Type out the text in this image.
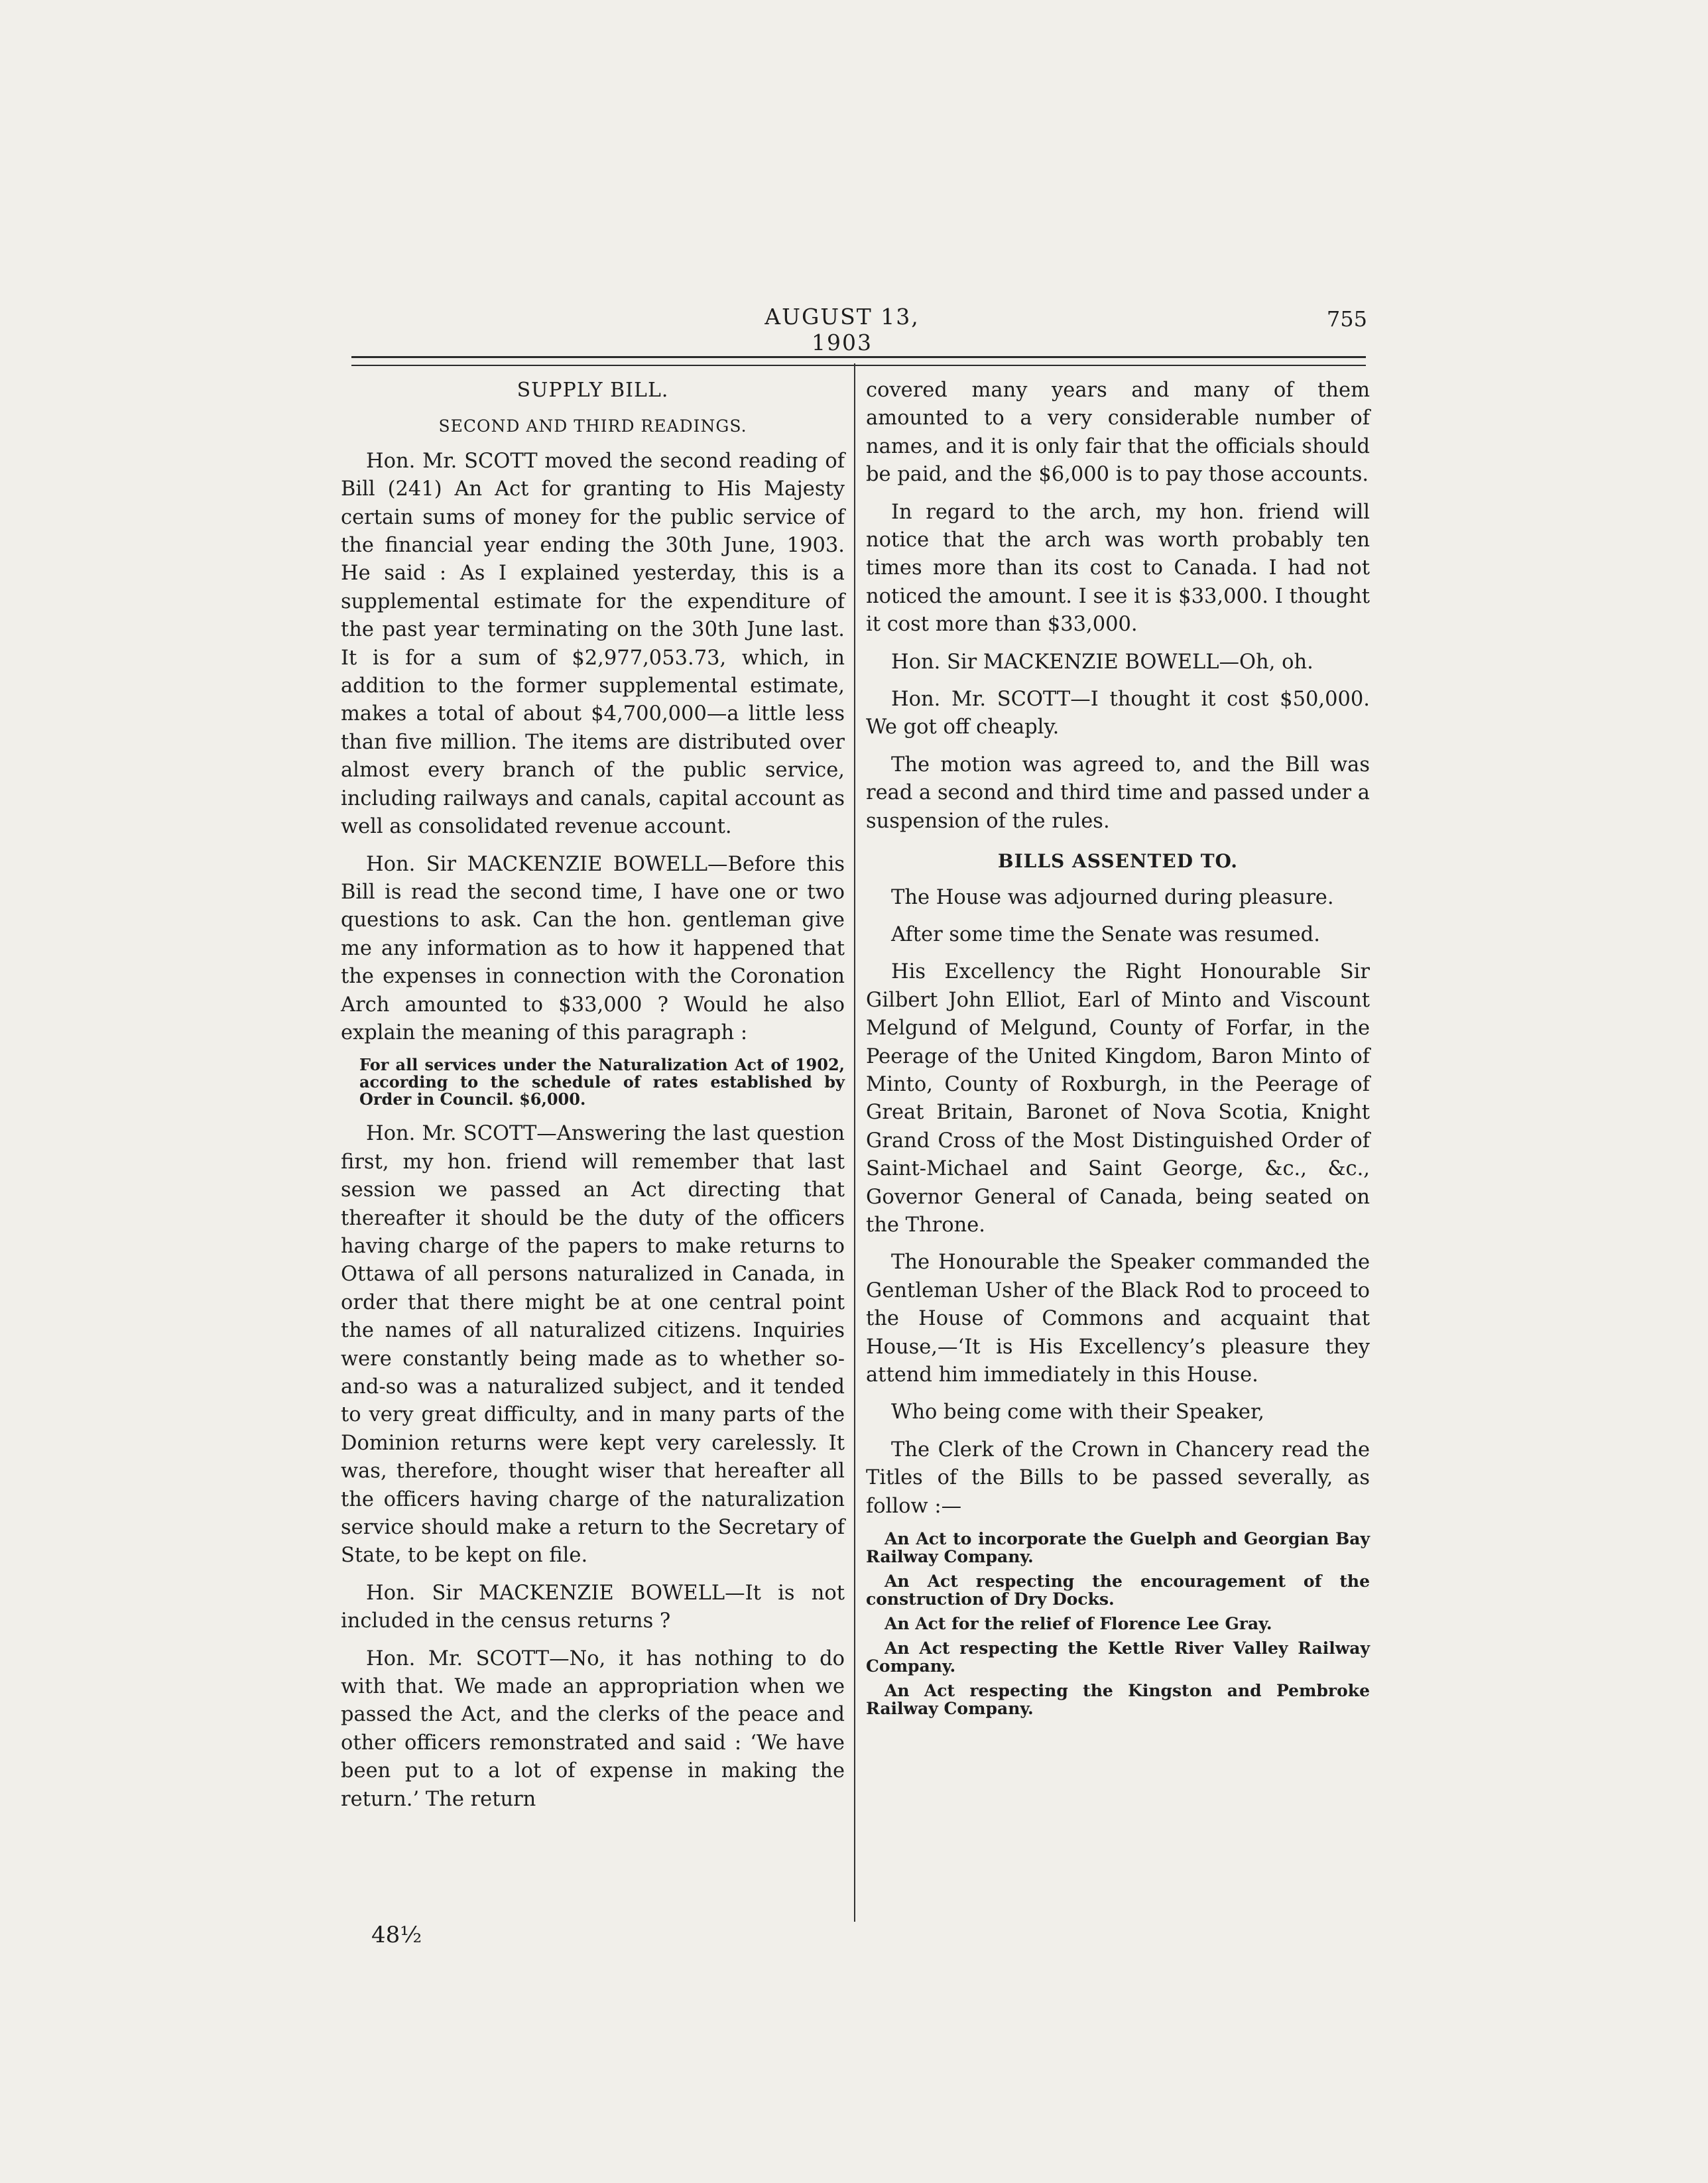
AUGUST 13, 1903
755
SUPPLY BILL.
SECOND AND THIRD READINGS.

Hon. Mr. SCOTT moved the second reading of Bill (241) An Act for granting to His Majesty certain sums of money for the public service of the financial year ending the 30th June, 1903. He said : As I explained yesterday, this is a supplemental estimate for the expenditure of the past year terminating on the 30th June last. It is for a sum of $2,977,053.73, which, in addition to the former supplemental estimate, makes a total of about $4,700,000—a little less than five million. The items are distributed over almost every branch of the public service, including railways and canals, capital account as well as consolidated revenue account.

Hon. Sir MACKENZIE BOWELL—Before this Bill is read the second time, I have one or two questions to ask. Can the hon. gentleman give me any information as to how it happened that the expenses in connection with the Coronation Arch amounted to $33,000 ? Would he also explain the meaning of this paragraph :

For all services under the Naturalization Act of 1902, according to the schedule of rates established by Order in Council. $6,000.

Hon. Mr. SCOTT—Answering the last question first, my hon. friend will remember that last session we passed an Act directing that thereafter it should be the duty of the officers having charge of the papers to make returns to Ottawa of all persons naturalized in Canada, in order that there might be at one central point the names of all naturalized citizens. Inquiries were constantly being made as to whether so-and-so was a naturalized subject, and it tended to very great difficulty, and in many parts of the Dominion returns were kept very carelessly. It was, therefore, thought wiser that hereafter all the officers having charge of the naturalization service should make a return to the Secretary of State, to be kept on file.

Hon. Sir MACKENZIE BOWELL—It is not included in the census returns ?

Hon. Mr. SCOTT—No, it has nothing to do with that. We made an appropriation when we passed the Act, and the clerks of the peace and other officers remonstrated and said : ‘We have been put to a lot of expense in making the return.’ The return

covered many years and many of them amounted to a very considerable number of names, and it is only fair that the officials should be paid, and the $6,000 is to pay those accounts.

In regard to the arch, my hon. friend will notice that the arch was worth probably ten times more than its cost to Canada. I had not noticed the amount. I see it is $33,000. I thought it cost more than $33,000.

Hon. Sir MACKENZIE BOWELL—Oh, oh.

Hon. Mr. SCOTT—I thought it cost $50,000. We got off cheaply.

The motion was agreed to, and the Bill was read a second and third time and passed under a suspension of the rules.

BILLS ASSENTED TO.

The House was adjourned during pleasure.

After some time the Senate was resumed.

His Excellency the Right Honourable Sir Gilbert John Elliot, Earl of Minto and Viscount Melgund of Melgund, County of Forfar, in the Peerage of the United Kingdom, Baron Minto of Minto, County of Roxburgh, in the Peerage of Great Britain, Baronet of Nova Scotia, Knight Grand Cross of the Most Distinguished Order of Saint-Michael and Saint George, &c., &c., Governor General of Canada, being seated on the Throne.

The Honourable the Speaker commanded the Gentleman Usher of the Black Rod to proceed to the House of Commons and acquaint that House,—‘It is His Excellency’s pleasure they attend him immediately in this House.

Who being come with their Speaker,

The Clerk of the Crown in Chancery read the Titles of the Bills to be passed severally, as follow :—

An Act to incorporate the Guelph and Georgian Bay Railway Company.
An Act respecting the encouragement of the construction of Dry Docks.
An Act for the relief of Florence Lee Gray.
An Act respecting the Kettle River Valley Railway Company.
An Act respecting the Kingston and Pembroke Railway Company.
48½
